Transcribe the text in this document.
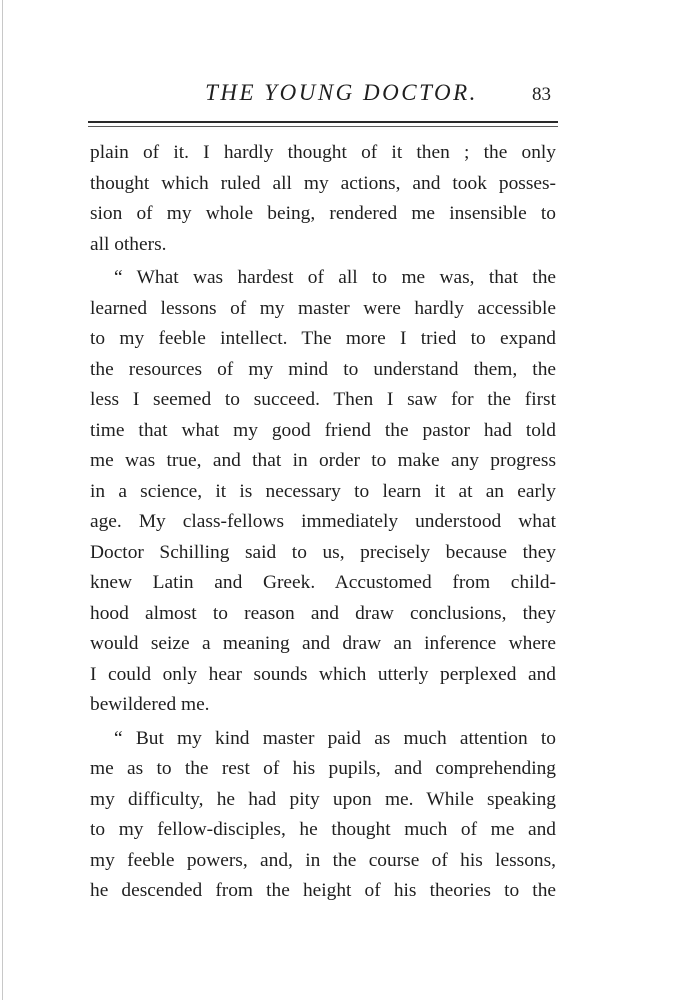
THE YOUNG DOCTOR.	83
plain of it. I hardly thought of it then ; the only
thought which ruled all my actions, and took posses-
sion of my whole being, rendered me insensible to
all others.
“ What was hardest of all to me was, that the
learned lessons of my master were hardly accessible
to my feeble intellect. The more I tried to expand
the resources of my mind to understand them, the
less I seemed to succeed. Then I saw for the first
time that what my good friend the pastor had told
me was true, and that in order to make any progress
in a science, it is necessary to learn it at an early
age. My class-fellows immediately understood what
Doctor Schilling said to us, precisely because they
knew Latin and Greek. Accustomed from child-
hood almost to reason and draw conclusions, they
would seize a meaning and draw an inference where
I could only hear sounds which utterly perplexed and
bewildered me.
“ But my kind master paid as much attention to
me as to the rest of his pupils, and comprehending
my difficulty, he had pity upon me. While speaking
to my fellow-disciples, he thought much of me and
my feeble powers, and, in the course of his lessons,
he descended from the height of his theories to the
